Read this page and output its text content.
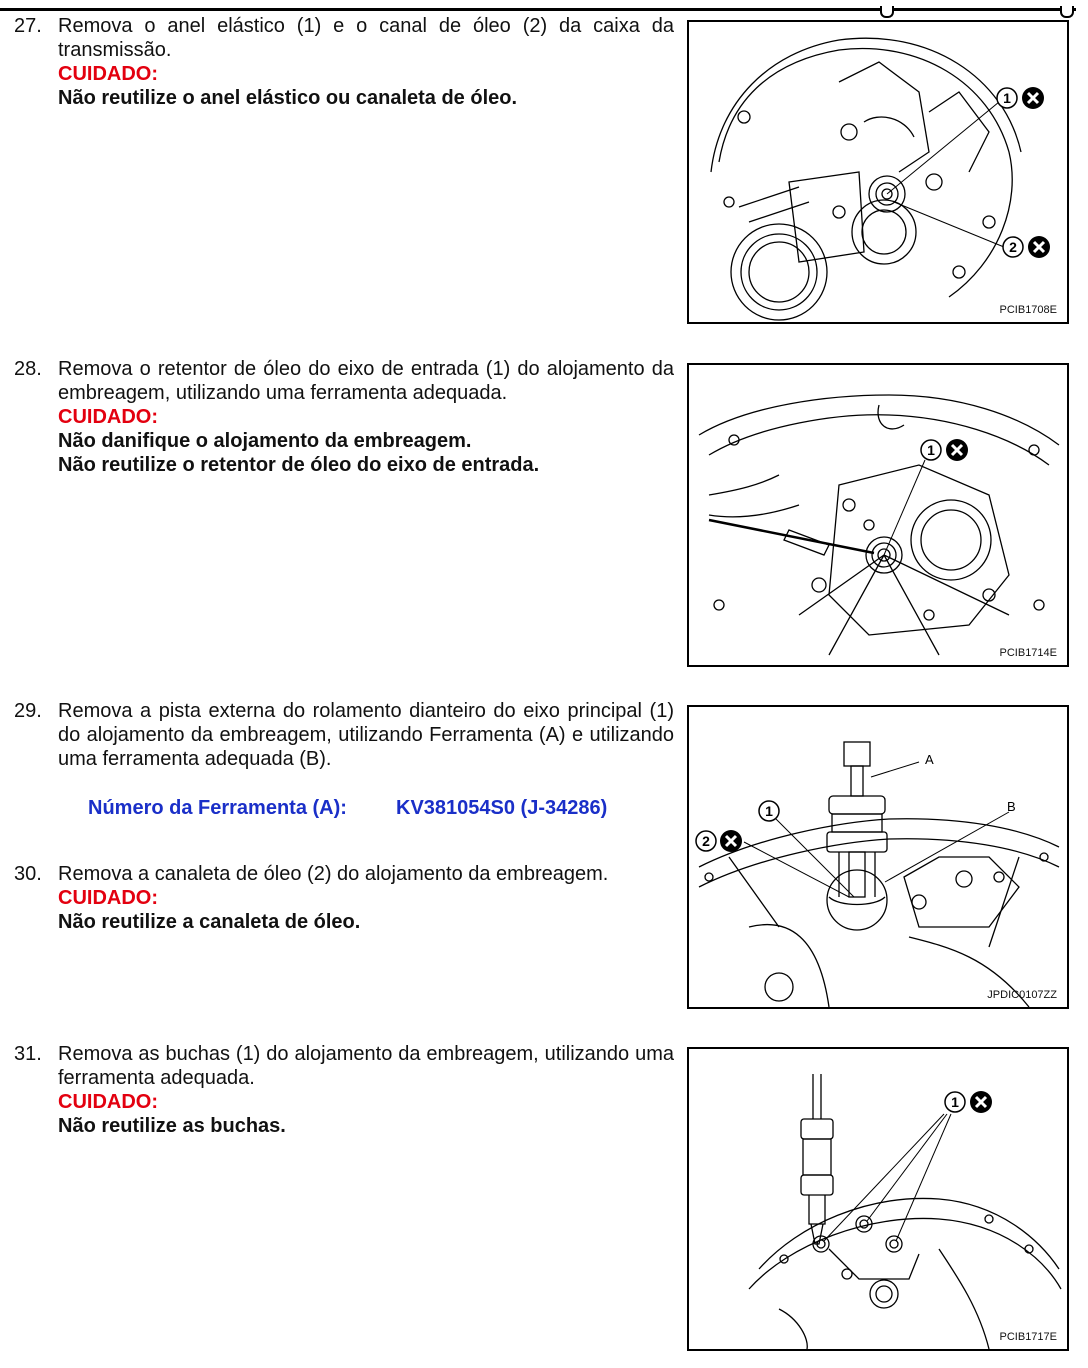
27. Remova o anel elástico (1) e o canal de óleo (2) da caixa da transmissão.
CUIDADO:
Não reutilize o anel elástico ou canaleta de óleo.
28. Remova o retentor de óleo do eixo de entrada (1) do alojamento da embreagem, utilizando uma ferramenta adequada.
CUIDADO:
Não danifique o alojamento da embreagem.
Não reutilize o retentor de óleo do eixo de entrada.
29. Remova a pista externa do rolamento dianteiro do eixo principal (1) do alojamento da embreagem, utilizando Ferramenta (A) e utilizando uma ferramenta adequada (B).
Número da Ferramenta (A): KV381054S0 (J-34286)
30. Remova a canaleta de óleo (2) do alojamento da embreagem.
CUIDADO:
Não reutilize a canaleta de óleo.
31. Remova as buchas (1) do alojamento da embreagem, utilizando uma ferramenta adequada.
CUIDADO:
Não reutilize as buchas.
1
2
PCIB1708E
1
PCIB1714E
A
B
1
2
JPDIC0107ZZ
1
PCIB1717E
